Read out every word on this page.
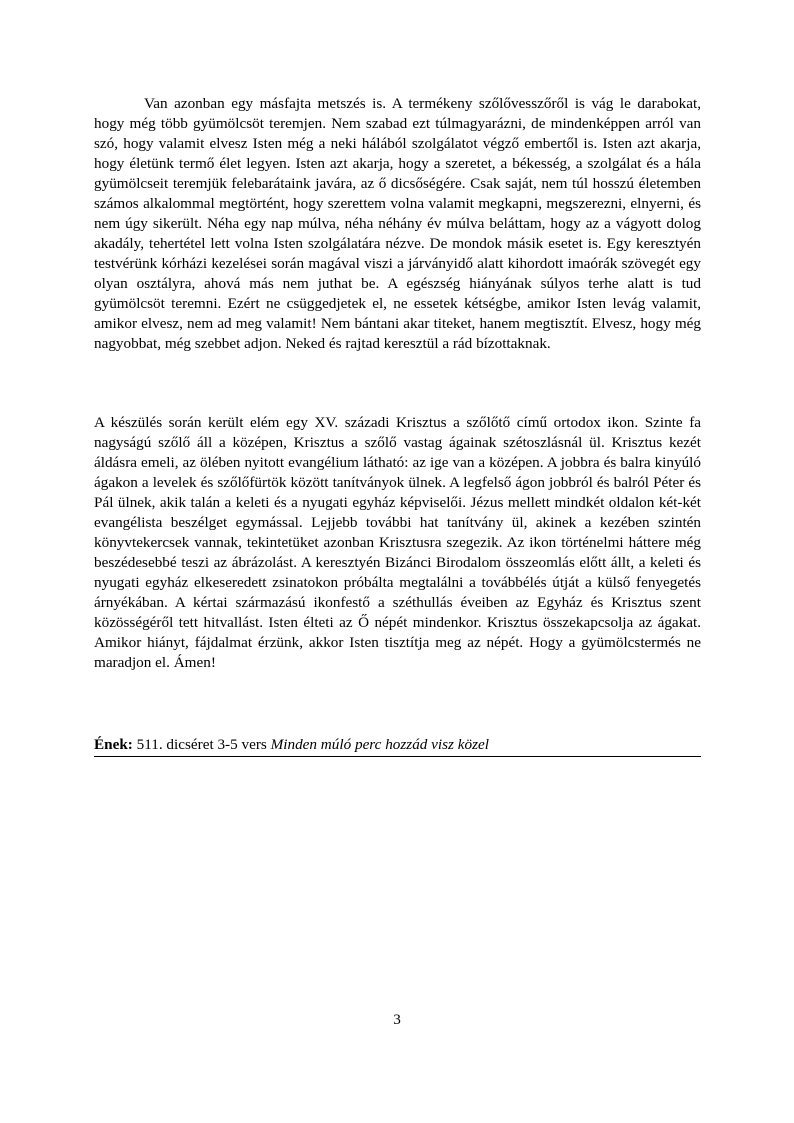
Van azonban egy másfajta metszés is. A termékeny szőlővesszőről is vág le darabokat, hogy még több gyümölcsöt teremjen. Nem szabad ezt túlmagyarázni, de mindenképpen arról van szó, hogy valamit elvesz Isten még a neki hálából szolgálatot végző embertől is. Isten azt akarja, hogy életünk termő élet legyen. Isten azt akarja, hogy a szeretet, a békesség, a szolgálat és a hála gyümölcseit teremjük felebarátaink javára, az ő dicsőségére. Csak saját, nem túl hosszú életemben számos alkalommal megtörtént, hogy szerettem volna valamit megkapni, megszerezni, elnyerni, és nem úgy sikerült. Néha egy nap múlva, néha néhány év múlva beláttam, hogy az a vágyott dolog akadály, tehertétel lett volna Isten szolgálatára nézve. De mondok másik esetet is. Egy keresztyén testvérünk kórházi kezelései során magával viszi a járványidő alatt kihordott imaórák szövegét egy olyan osztályra, ahová más nem juthat be. A egészség hiányának súlyos terhe alatt is tud gyümölcsöt teremni. Ezért ne csüggedjetek el, ne essetek kétségbe, amikor Isten levág valamit, amikor elvesz, nem ad meg valamit! Nem bántani akar titeket, hanem megtisztít. Elvesz, hogy még nagyobbat, még szebbet adjon. Neked és rajtad keresztül a rád bízottaknak.

A készülés során került elém egy XV. századi Krisztus a szőlőtő című ortodox ikon. Szinte fa nagyságú szőlő áll a középen, Krisztus a szőlő vastag ágainak szétoszlásnál ül. Krisztus kezét áldásra emeli, az ölében nyitott evangélium látható: az ige van a középen. A jobbra és balra kinyúló ágakon a levelek és szőlőfürtök között tanítványok ülnek. A legfelső ágon jobbról és balról Péter és Pál ülnek, akik talán a keleti és a nyugati egyház képviselői. Jézus mellett mindkét oldalon két-két evangélista beszélget egymással. Lejjebb további hat tanítvány ül, akinek a kezében szintén könyvtekercsek vannak, tekintetüket azonban Krisztusra szegezik. Az ikon történelmi háttere még beszédesebbé teszi az ábrázolást. A keresztyén Bizánci Birodalom összeomlás előtt állt, a keleti és nyugati egyház elkeseredett zsinatokon próbálta megtalálni a továbbélés útját a külső fenyegetés árnyékában. A kértai származású ikonfestő a széthullás éveiben az Egyház és Krisztus szent közösségéről tett hitvallást. Isten élteti az Ő népét mindenkor. Krisztus összekapcsolja az ágakat. Amikor hiányt, fájdalmat érzünk, akkor Isten tisztítja meg az népét. Hogy a gyümölcstermés ne maradjon el. Ámen!

Ének: 511. dicséret 3-5 vers Minden múló perc hozzád visz közel
3
